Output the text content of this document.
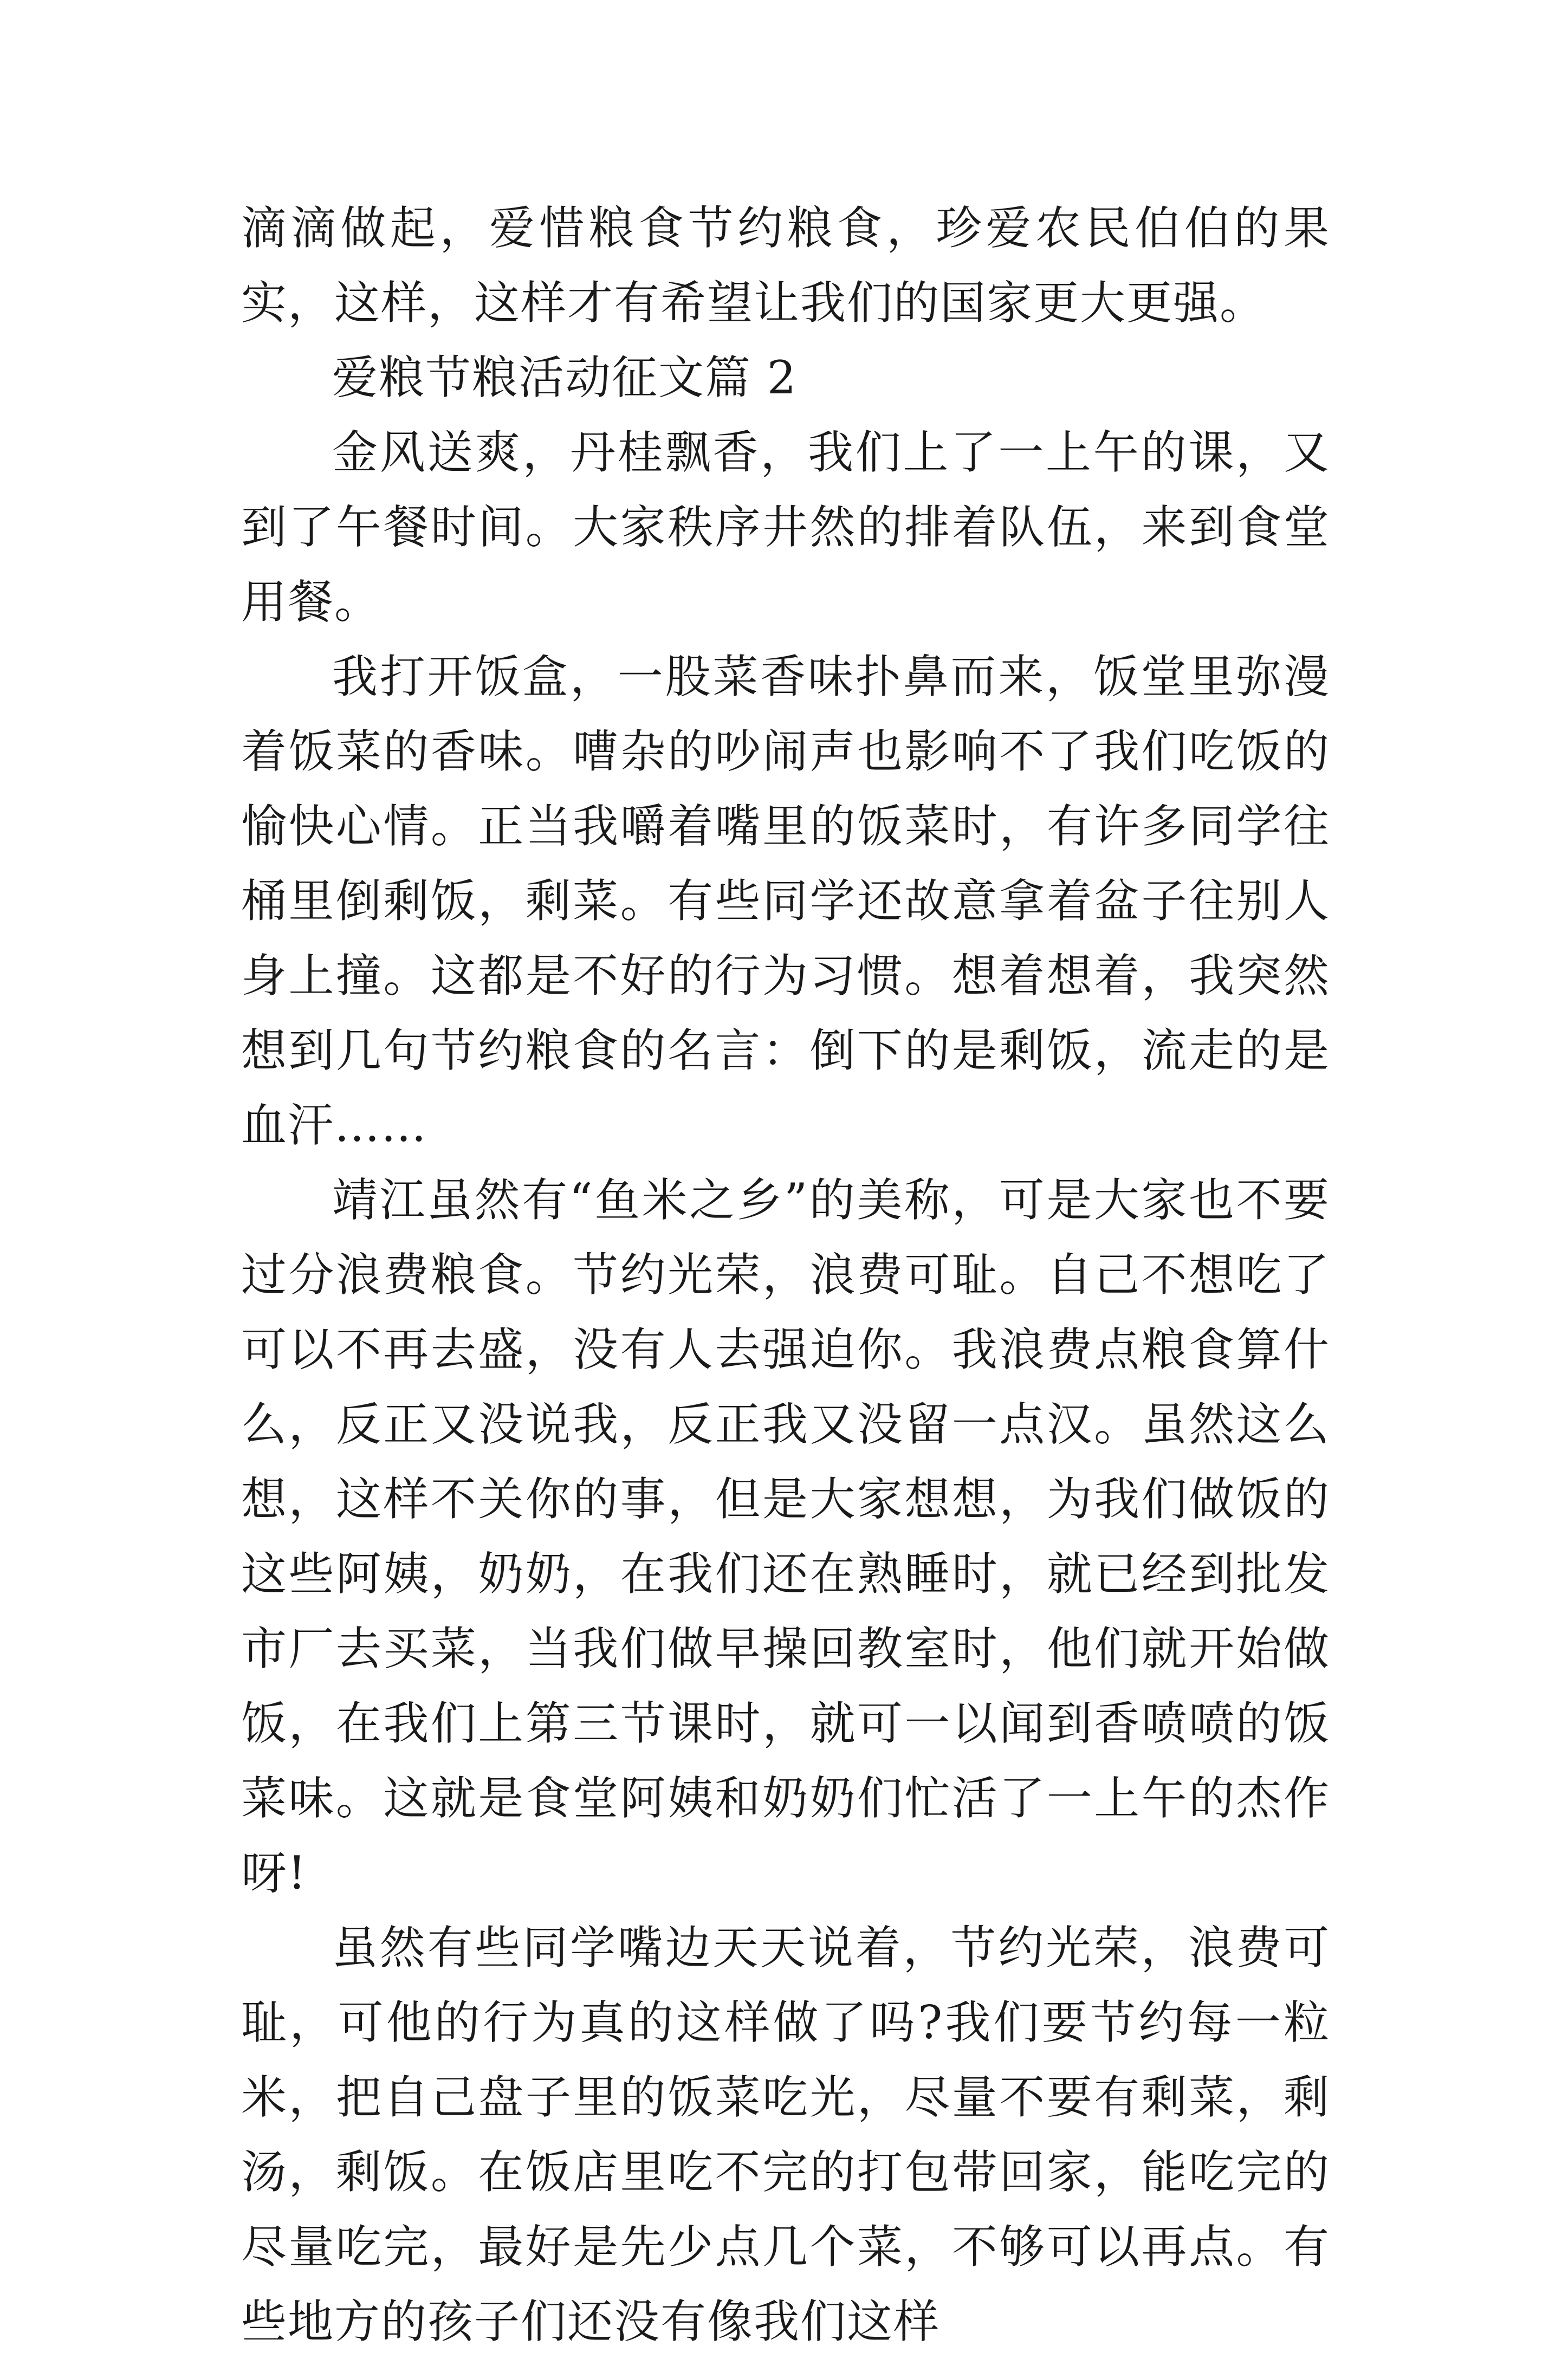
滴滴做起，爱惜粮食节约粮食，珍爱农民伯伯的果实，这样，这样才有希望让我们的国家更大更强。

爱粮节粮活动征文篇 2

金风送爽，丹桂飘香，我们上了一上午的课，又到了午餐时间。大家秩序井然的排着队伍，来到食堂用餐。

我打开饭盒，一股菜香味扑鼻而来，饭堂里弥漫着饭菜的香味。嘈杂的吵闹声也影响不了我们吃饭的愉快心情。正当我嚼着嘴里的饭菜时，有许多同学往桶里倒剩饭，剩菜。有些同学还故意拿着盆子往别人身上撞。这都是不好的行为习惯。想着想着，我突然想到几句节约粮食的名言：倒下的是剩饭，流走的是血汗……

靖江虽然有“鱼米之乡”的美称，可是大家也不要过分浪费粮食。节约光荣，浪费可耻。自己不想吃了可以不再去盛，没有人去强迫你。我浪费点粮食算什么，反正又没说我，反正我又没留一点汉。虽然这么想，这样不关你的事，但是大家想想，为我们做饭的这些阿姨，奶奶，在我们还在熟睡时，就已经到批发市厂去买菜，当我们做早操回教室时，他们就开始做饭，在我们上第三节课时，就可一以闻到香喷喷的饭菜味。这就是食堂阿姨和奶奶们忙活了一上午的杰作呀!

虽然有些同学嘴边天天说着，节约光荣，浪费可耻，可他的行为真的这样做了吗?我们要节约每一粒米，把自己盘子里的饭菜吃光，尽量不要有剩菜，剩汤，剩饭。在饭店里吃不完的打包带回家，能吃完的尽量吃完，最好是先少点几个菜，不够可以再点。有些地方的孩子们还没有像我们这样
